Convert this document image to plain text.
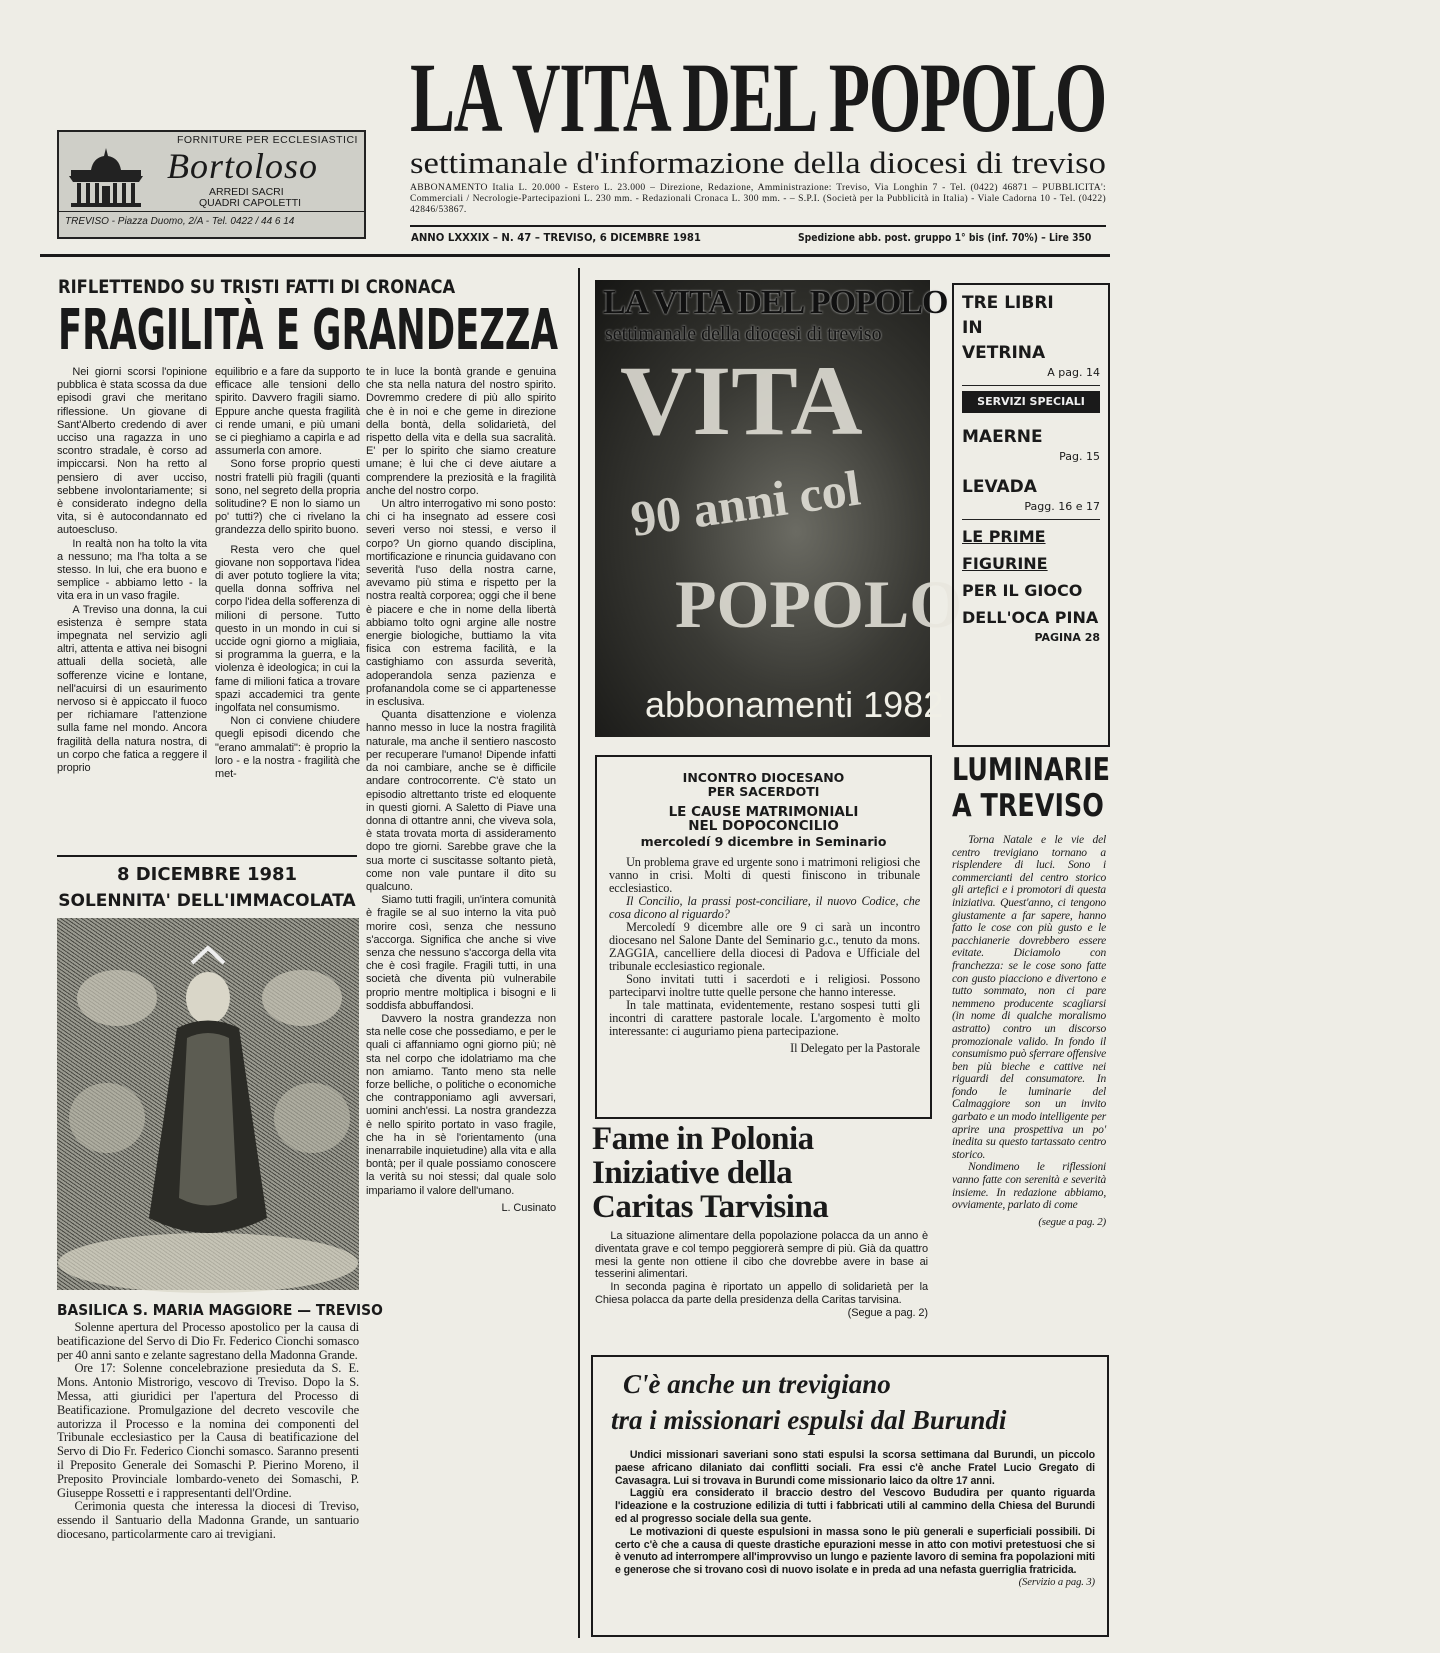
LA VITA DEL POPOLO
settimanale d'informazione della diocesi di treviso
ABBONAMENTO Italia L. 20.000 - Estero L. 23.000 – Direzione, Redazione, Amministrazione: Treviso, Via Longhin 7 - Tel. (0422) 46871 – PUBBLICITA': Commerciali / Necrologie-Partecipazioni L. 230 mm. - Redazionali Cronaca L. 300 mm. - – S.P.I. (Società per la Pubblicità in Italia) - Viale Cadorna 10 - Tel. (0422) 42846/53867.
ANNO LXXXIX – N. 47 – TREVISO, 6 DICEMBRE 1981	Spedizione abb. post. gruppo 1° bis (inf. 70%) – Lire 350
FORNITURE PER ECCLESIASTICI
Bortoloso
ARREDI SACRI
QUADRI CAPOLETTI
TREVISO - Piazza Duomo, 2/A - Tel. 0422 / 44 6 14
RIFLETTENDO SU TRISTI FATTI DI CRONACA
FRAGILITÀ E GRANDEZZA

Nei giorni scorsi l'opinione pubblica è stata scossa da due episodi gravi che meritano riflessione. Un giovane di Sant'Alberto credendo di aver ucciso una ragazza in uno scontro stradale, è corso ad impiccarsi. Non ha retto al pensiero di aver ucciso, sebbene involontariamente; si è considerato indegno della vita, si è autocondannato ed autoescluso.

In realtà non ha tolto la vita a nessuno; ma l'ha tolta a se stesso. In lui, che era buono e semplice - abbiamo letto - la vita era in un vaso fragile.

A Treviso una donna, la cui esistenza è sempre stata impegnata nel servizio agli altri, attenta e attiva nei bisogni attuali della società, alle sofferenze vicine e lontane, nell'acuirsi di un esaurimento nervoso si è appiccato il fuoco per richiamare l'attenzione sulla fame nel mondo. Ancora fragilità della natura nostra, di un corpo che fatica a reggere il proprio

equilibrio e a fare da supporto efficace alle tensioni dello spirito. Davvero fragili siamo. Eppure anche questa fragilità ci rende umani, e più umani se ci pieghiamo a capirla e ad assumerla con amore.

Sono forse proprio questi nostri fratelli più fragili (quanti sono, nel segreto della propria solitudine? E non lo siamo un po' tutti?) che ci rivelano la grandezza dello spirito buono.

Resta vero che quel giovane non sopportava l'idea di aver potuto togliere la vita; quella donna soffriva nel corpo l'idea della sofferenza di milioni di persone. Tutto questo in un mondo in cui si uccide ogni giorno a migliaia, si programma la guerra, e la violenza è ideologica; in cui la fame di milioni fatica a trovare spazi accademici tra gente ingolfata nel consumismo.

Non ci conviene chiudere quegli episodi dicendo che "erano ammalati": è proprio la loro - e la nostra - fragilità che met-

te in luce la bontà grande e genuina che sta nella natura del nostro spirito. Dovremmo credere di più allo spirito che è in noi e che geme in direzione della bontà, della solidarietà, del rispetto della vita e della sua sacralità. E' per lo spirito che siamo creature umane; è lui che ci deve aiutare a comprendere la preziosità e la fragilità anche del nostro corpo.

Un altro interrogativo mi sono posto: chi ci ha insegnato ad essere così severi verso noi stessi, e verso il corpo? Un giorno quando disciplina, mortificazione e rinuncia guidavano con severità l'uso della nostra carne, avevamo più stima e rispetto per la nostra realtà corporea; oggi che il bene è piacere e che in nome della libertà abbiamo tolto ogni argine alle nostre energie biologiche, buttiamo la vita fisica con estrema facilità, e la castighiamo con assurda severità, adoperandola senza pazienza e profanandola come se ci appartenesse in esclusiva.

Quanta disattenzione e violenza hanno messo in luce la nostra fragilità naturale, ma anche il sentiero nascosto per recuperare l'umano! Dipende infatti da noi cambiare, anche se è difficile andare controcorrente. C'è stato un episodio altrettanto triste ed eloquente in questi giorni. A Saletto di Piave una donna di ottantre anni, che viveva sola, è stata trovata morta di assideramento dopo tre giorni. Sarebbe grave che la sua morte ci suscitasse soltanto pietà, come non vale puntare il dito su qualcuno.

Siamo tutti fragili, un'intera comunità è fragile se al suo interno la vita può morire così, senza che nessuno s'accorga. Significa che anche si vive senza che nessuno s'accorga della vita che è così fragile. Fragili tutti, in una società che diventa più vulnerabile proprio mentre moltiplica i bisogni e li soddisfa abbuffandosi.

Davvero la nostra grandezza non sta nelle cose che possediamo, e per le quali ci affanniamo ogni giorno più; nè sta nel corpo che idolatriamo ma che non amiamo. Tanto meno sta nelle forze belliche, o politiche o economiche che contrapponiamo agli avversari, uomini anch'essi. La nostra grandezza è nello spirito portato in vaso fragile, che ha in sè l'orientamento (una inenarrabile inquietudine) alla vita e alla bontà; per il quale possiamo conoscere la verità su noi stessi; dal quale solo impariamo il valore dell'umano.

L. Cusinato
8 DICEMBRE 1981
SOLENNITA' DELL'IMMACOLATA
BASILICA S. MARIA MAGGIORE — TREVISO

Solenne apertura del Processo apostolico per la causa di beatificazione del Servo di Dio Fr. Federico Cionchi somasco per 40 anni santo e zelante sagrestano della Madonna Grande.

Ore 17: Solenne concelebrazione presieduta da S. E. Mons. Antonio Mistrorigo, vescovo di Treviso. Dopo la S. Messa, atti giuridici per l'apertura del Processo di Beatificazione. Promulgazione del decreto vescovile che autorizza il Processo e la nomina dei componenti del Tribunale ecclesiastico per la Causa di beatificazione del Servo di Dio Fr. Federico Cionchi somasco. Saranno presenti il Preposito Generale dei Somaschi P. Pierino Moreno, il Preposito Provinciale lombardo-veneto dei Somaschi, P. Giuseppe Rossetti e i rappresentanti dell'Ordine.

Cerimonia questa che interessa la diocesi di Treviso, essendo il Santuario della Madonna Grande, un santuario diocesano, particolarmente caro ai trevigiani.

LA VITA DEL POPOLO
settimanale della diocesi di treviso
VITA
90 anni col
POPOLO
abbonamenti 1982
INCONTRO DIOCESANO
PER SACERDOTI
LE CAUSE MATRIMONIALI
NEL DOPOCONCILIO
mercoledí 9 dicembre in Seminario

Un problema grave ed urgente sono i matrimoni religiosi che vanno in crisi. Molti di questi finiscono in tribunale ecclesiastico.

Il Concilio, la prassi post-conciliare, il nuovo Codice, che cosa dicono al riguardo?

Mercoledí 9 dicembre alle ore 9 ci sarà un incontro diocesano nel Salone Dante del Seminario g.c., tenuto da mons. ZAGGIA, cancelliere della diocesi di Padova e Ufficiale del tribunale ecclesiastico regionale.

Sono invitati tutti i sacerdoti e i religiosi. Possono parteciparvi inoltre tutte quelle persone che hanno interesse.

In tale mattinata, evidentemente, restano sospesi tutti gli incontri di carattere pastorale locale. L'argomento è molto interessante: ci auguriamo piena partecipazione.

Il Delegato per la Pastorale
Fame in Polonia
Iniziative della
Caritas Tarvisina

La situazione alimentare della popolazione polacca da un anno è diventata grave e col tempo peggiorerà sempre di più. Già da quattro mesi la gente non ottiene il cibo che dovrebbe avere in base ai tesserini alimentari.

In seconda pagina è riportato un appello di solidarietà per la Chiesa polacca da parte della presidenza della Caritas tarvisina.

(Segue a pag. 2)
TRE LIBRI
IN
VETRINA
A pag. 14
SERVIZI SPECIALI
MAERNE
Pag. 15
LEVADA
Pagg. 16 e 17
LE PRIME
FIGURINE
PER IL GIOCO
DELL'OCA PINA
PAGINA 28
LUMINARIE
A TREVISO

Torna Natale e le vie del centro trevigiano tornano a risplendere di luci. Sono i commercianti del centro storico gli artefici e i promotori di questa iniziativa. Quest'anno, ci tengono giustamente a far sapere, hanno fatto le cose con più gusto e le pacchianerie dovrebbero essere evitate. Diciamolo con franchezza: se le cose sono fatte con gusto piacciono e divertono e tutto sommato, non ci pare nemmeno producente scagliarsi (in nome di qualche moralismo astratto) contro un discorso promozionale valido. In fondo il consumismo può sferrare offensive ben più bieche e cattive nei riguardi del consumatore. In fondo le luminarie del Calmaggiore son un invito garbato e un modo intelligente per aprire una prospettiva un po' inedita su questo tartassato centro storico.

Nondimeno le riflessioni vanno fatte con serenità e severità insieme. In redazione abbiamo, ovviamente, parlato di come

(segue a pag. 2)
C'è anche un trevigiano
tra i missionari espulsi dal Burundi

Undici missionari saveriani sono stati espulsi la scorsa settimana dal Burundi, un piccolo paese africano dilaniato dai conflitti sociali. Fra essi c'è anche Fratel Lucio Gregato di Cavasagra. Lui si trovava in Burundi come missionario laico da oltre 17 anni.

Laggiù era considerato il braccio destro del Vescovo Bududira per quanto riguarda l'ideazione e la costruzione edilizia di tutti i fabbricati utili al cammino della Chiesa del Burundi ed al progresso sociale della sua gente.

Le motivazioni di queste espulsioni in massa sono le più generali e superficiali possibili. Di certo c'è che a causa di queste drastiche epurazioni messe in atto con motivi pretestuosi che si è venuto ad interrompere all'improvviso un lungo e paziente lavoro di semina fra popolazioni miti e generose che si trovano così di nuovo isolate e in preda ad una nefasta guerriglia fratricida.

(Servizio a pag. 3)
